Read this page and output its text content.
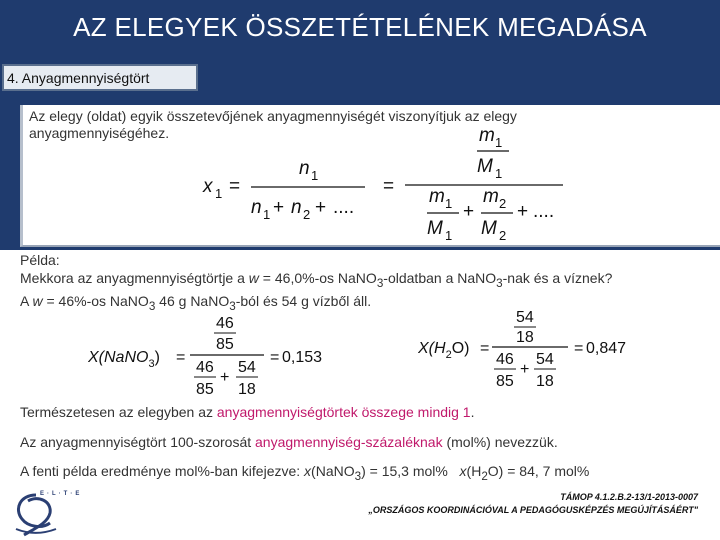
AZ ELEGYEK ÖSSZETÉTELÉNEK MEGADÁSA
4. Anyagmennyiségtört
Az elegy (oldat) egyik összetevőjének anyagmennyiségét viszonyítjuk az elegy anyagmennyiségéhez.
x 1 =
n 1
n 1 + n 2 + ....
=
m 1
M 1
m 1
M 1
+
m 2
M 2
+ ....
Példa:
Mekkora az anyagmennyiségtörtje a w = 46,0%-os NaNO$_3$-oldatban a NaNO$_3$-nak és a víznek?
A w = 46%-os NaNO$_3$ 46 g NaNO$_3$-ból és 54 g vízből áll.
X(NaNO$_3$) =
46
85
46
85
+
54
18
= 0,153
$X(H_2O)$ =
54
18
46
85
+
54
18
= 0,847
Természetesen az elegyben az anyagmennyiségtörtek összege mindig 1.
Az anyagmennyiségtört 100-szorosát anyagmennyiség-százaléknak (mol%) nevezzük.
A fenti példa eredménye mol%-ban kifejezve: x(NaNO$_3$) = 15,3 mol%   $x(H_2O) = 84$, 7 mol%
E·L·T·E	TÁMOP 4.1.2.B.2-13/1-2013-0007
„ORSZÁGOS KOORDINÁCIÓVAL A PEDAGÓGUSKÉPZÉS MEGÚJÍTÁSÁÉRT"
